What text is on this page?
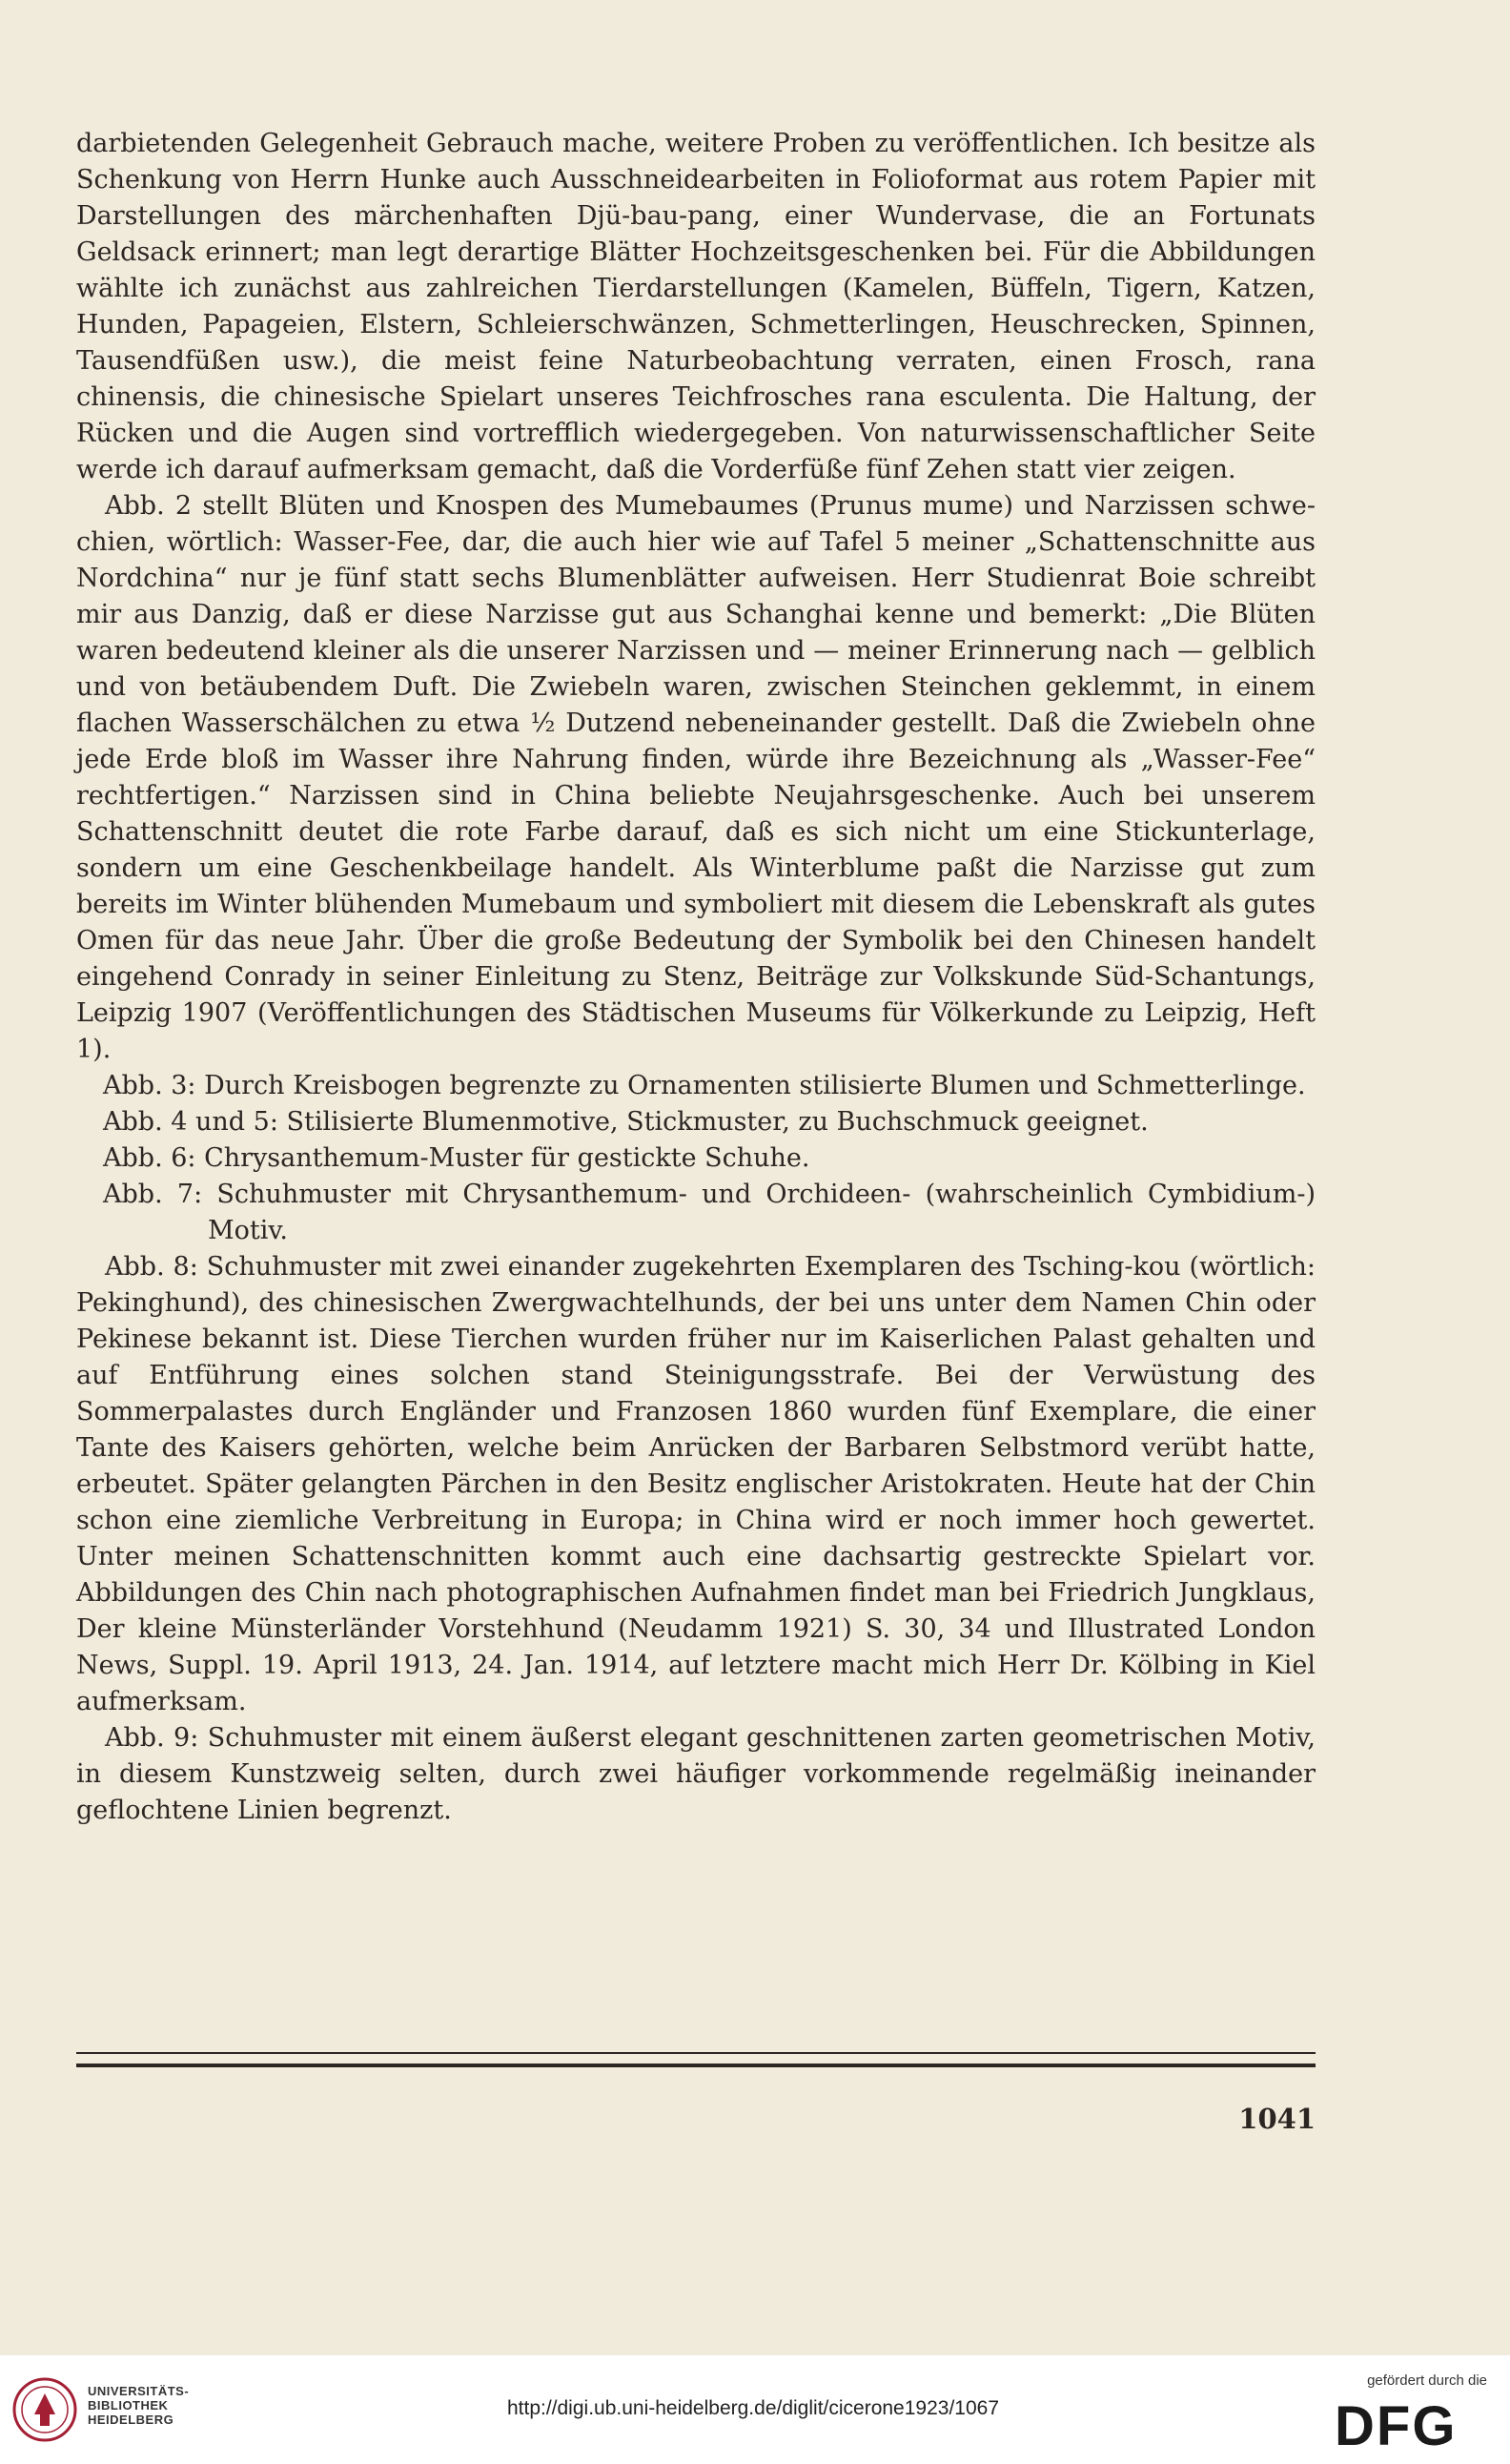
darbietenden Gelegenheit Gebrauch mache, weitere Proben zu veröffentlichen. Ich besitze als Schenkung von Herrn Hunke auch Ausschneidearbeiten in Folioformat aus rotem Papier mit Darstellungen des märchenhaften Djü-bau-pang, einer Wundervase, die an Fortunats Geldsack erinnert; man legt derartige Blätter Hochzeitsgeschenken bei. Für die Abbildungen wählte ich zunächst aus zahlreichen Tierdarstellungen (Kamelen, Büffeln, Tigern, Katzen, Hunden, Papageien, Elstern, Schleierschwänzen, Schmetterlingen, Heuschrecken, Spinnen, Tausendfüßen usw.), die meist feine Naturbeobachtung verraten, einen Frosch, rana chinensis, die chinesische Spielart unseres Teichfrosches rana esculenta. Die Haltung, der Rücken und die Augen sind vortrefflich wiedergegeben. Von naturwissenschaftlicher Seite werde ich darauf aufmerksam gemacht, daß die Vorderfüße fünf Zehen statt vier zeigen.

Abb. 2 stellt Blüten und Knospen des Mumebaumes (Prunus mume) und Narzissen schwe-chien, wörtlich: Wasser-Fee, dar, die auch hier wie auf Tafel 5 meiner „Schattenschnitte aus Nordchina“ nur je fünf statt sechs Blumenblätter aufweisen. Herr Studienrat Boie schreibt mir aus Danzig, daß er diese Narzisse gut aus Schanghai kenne und bemerkt: „Die Blüten waren bedeutend kleiner als die unserer Narzissen und — meiner Erinnerung nach — gelblich und von betäubendem Duft. Die Zwiebeln waren, zwischen Steinchen geklemmt, in einem flachen Wasserschälchen zu etwa ½ Dutzend nebeneinander gestellt. Daß die Zwiebeln ohne jede Erde bloß im Wasser ihre Nahrung finden, würde ihre Bezeichnung als „Wasser-Fee“ rechtfertigen.“ Narzissen sind in China beliebte Neujahrsgeschenke. Auch bei unserem Schattenschnitt deutet die rote Farbe darauf, daß es sich nicht um eine Stickunterlage, sondern um eine Geschenkbeilage handelt. Als Winterblume paßt die Narzisse gut zum bereits im Winter blühenden Mumebaum und symboliert mit diesem die Lebenskraft als gutes Omen für das neue Jahr. Über die große Bedeutung der Symbolik bei den Chinesen handelt eingehend Conrady in seiner Einleitung zu Stenz, Beiträge zur Volkskunde Süd-Schantungs, Leipzig 1907 (Veröffentlichungen des Städtischen Museums für Völkerkunde zu Leipzig, Heft 1).

Abb. 3: Durch Kreisbogen begrenzte zu Ornamenten stilisierte Blumen und Schmetterlinge.

Abb. 4 und 5: Stilisierte Blumenmotive, Stickmuster, zu Buchschmuck geeignet.

Abb. 6: Chrysanthemum-Muster für gestickte Schuhe.

Abb. 7: Schuhmuster mit Chrysanthemum- und Orchideen- (wahrscheinlich Cymbidium-) Motiv.

Abb. 8: Schuhmuster mit zwei einander zugekehrten Exemplaren des Tsching-kou (wörtlich: Pekinghund), des chinesischen Zwergwachtelhunds, der bei uns unter dem Namen Chin oder Pekinese bekannt ist. Diese Tierchen wurden früher nur im Kaiserlichen Palast gehalten und auf Entführung eines solchen stand Steinigungsstrafe. Bei der Verwüstung des Sommerpalastes durch Engländer und Franzosen 1860 wurden fünf Exemplare, die einer Tante des Kaisers gehörten, welche beim Anrücken der Barbaren Selbstmord verübt hatte, erbeutet. Später gelangten Pärchen in den Besitz englischer Aristokraten. Heute hat der Chin schon eine ziemliche Verbreitung in Europa; in China wird er noch immer hoch gewertet. Unter meinen Schattenschnitten kommt auch eine dachsartig gestreckte Spielart vor. Abbildungen des Chin nach photographischen Aufnahmen findet man bei Friedrich Jungklaus, Der kleine Münsterländer Vorstehhund (Neudamm 1921) S. 30, 34 und Illustrated London News, Suppl. 19. April 1913, 24. Jan. 1914, auf letztere macht mich Herr Dr. Kölbing in Kiel aufmerksam.

Abb. 9: Schuhmuster mit einem äußerst elegant geschnittenen zarten geometrischen Motiv, in diesem Kunstzweig selten, durch zwei häufiger vorkommende regelmäßig ineinander geflochtene Linien begrenzt.

1041
UNIVERSITÄTS-
BIBLIOTHEK
HEIDELBERG
http://digi.ub.uni-heidelberg.de/diglit/cicerone1923/1067
gefördert durch die
DFG
